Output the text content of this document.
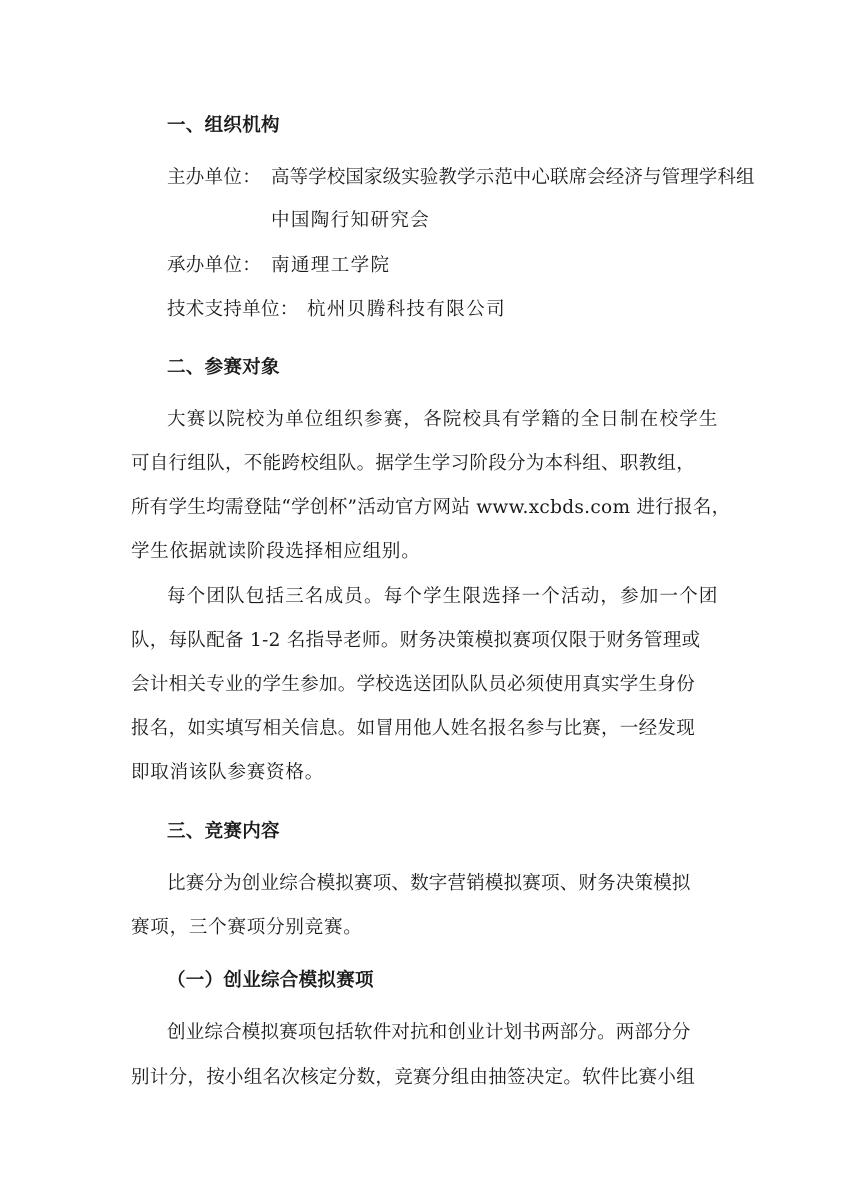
一、组织机构
主办单位： 高等学校国家级实验教学示范中心联席会经济与管理学科组
中国陶行知研究会
承办单位： 南通理工学院
技术支持单位： 杭州贝腾科技有限公司
二、参赛对象
大赛以院校为单位组织参赛，各院校具有学籍的全日制在校学生
可自行组队，不能跨校组队。据学生学习阶段分为本科组、职教组，
所有学生均需登陆“学创杯”活动官方网站 www.xcbds.com 进行报名，
学生依据就读阶段选择相应组别。
每个团队包括三名成员。每个学生限选择一个活动，参加一个团
队，每队配备 1-2 名指导老师。财务决策模拟赛项仅限于财务管理或
会计相关专业的学生参加。学校选送团队队员必须使用真实学生身份
报名，如实填写相关信息。如冒用他人姓名报名参与比赛，一经发现
即取消该队参赛资格。
三、竞赛内容
比赛分为创业综合模拟赛项、数字营销模拟赛项、财务决策模拟
赛项，三个赛项分别竞赛。
（一）创业综合模拟赛项
创业综合模拟赛项包括软件对抗和创业计划书两部分。两部分分
别计分，按小组名次核定分数，竞赛分组由抽签决定。软件比赛小组
